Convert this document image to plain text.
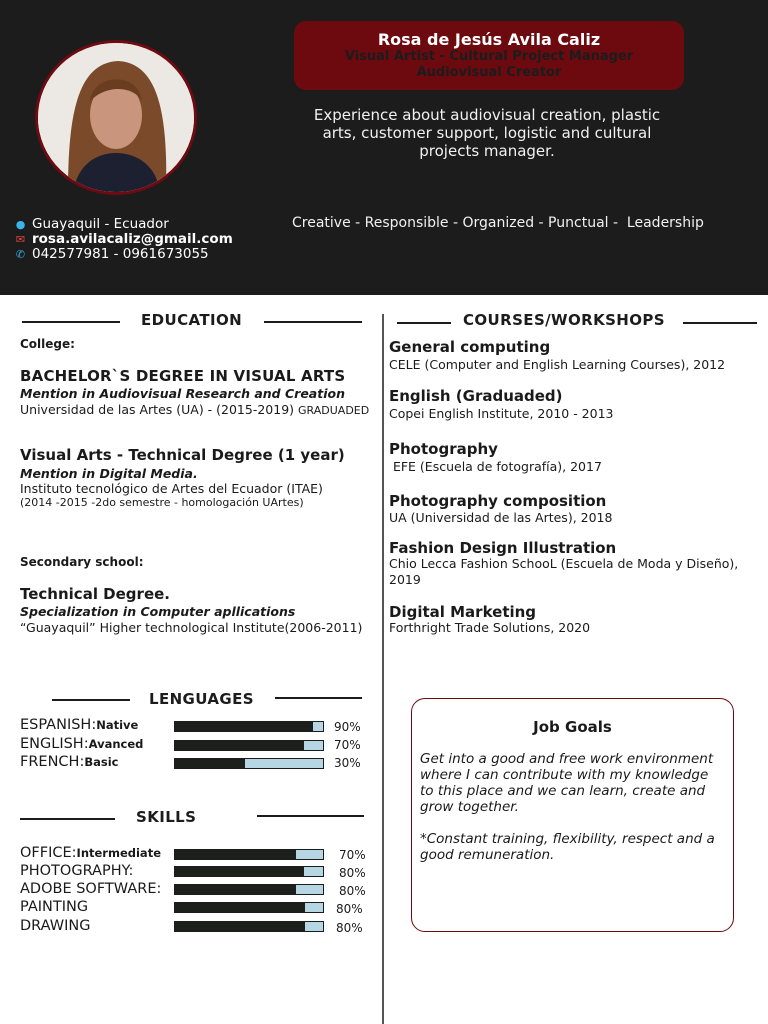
Rosa de Jesús Avila Caliz
Visual Artist - Cultural Project Manager
Audiovisual Creator
Experience about audiovisual creation, plastic arts, customer support, logistic and cultural projects manager.
● Guayaquil - Ecuador
✉ rosa.avilacaliz@gmail.com
✆ 042577981 - 0961673055
Creative - Responsible - Organized - Punctual -  Leadership
EDUCATION
College:
BACHELOR`S DEGREE IN VISUAL ARTS
Mention in Audiovisual Research and Creation
Universidad de las Artes (UA) - (2015-2019) GRADUADED
Visual Arts - Technical Degree (1 year)
Mention in Digital Media.
Instituto tecnológico de Artes del Ecuador (ITAE)
(2014 -2015 -2do semestre - homologación UArtes)
Secondary school:
Technical Degree.
Specialization in Computer apllications
“Guayaquil” Higher technological Institute(2006-2011)
COURSES/WORKSHOPS
General computing
CELE (Computer and English Learning Courses), 2012
English (Graduaded)
Copei English Institute, 2010 - 2013
Photography
EFE (Escuela de fotografía), 2017
Photography composition
UA (Universidad de las Artes), 2018
Fashion Design Illustration
Chio Lecca Fashion SchooL (Escuela de Moda y Diseño), 2019
Digital Marketing
Forthright Trade Solutions, 2020
LENGUAGES
ESPANISH:Native	90%
ENGLISH:Avanced	70%
FRENCH:Basic	30%
SKILLS
OFFICE:Intermediate	70%
PHOTOGRAPHY:	80%
ADOBE SOFTWARE:	80%
PAINTING	80%
DRAWING	80%
Job Goals
Get into a good and free work environment where I can contribute with my knowledge to this place and we can learn, create and grow together.
*Constant training, flexibility, respect and a good remuneration.
